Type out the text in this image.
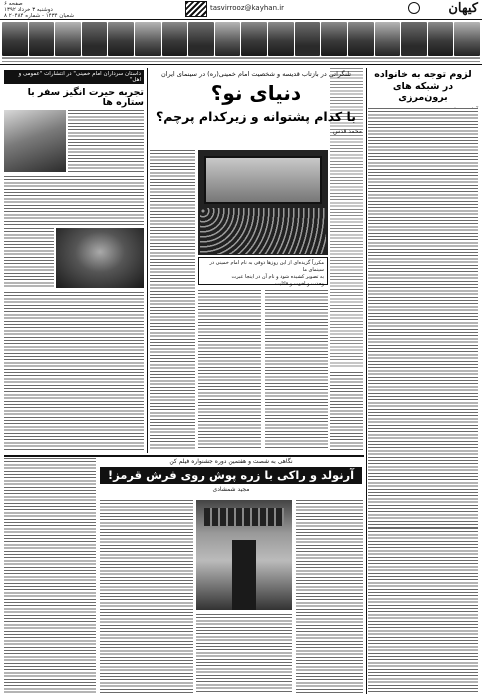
کیهان
tasvirrooz@kayhan.ir
صفحه ۶
دوشنبه ۳ خرداد ۱۳۹۲
۸ شعبان ۱۴۳۴ - شماره ۲۰۴۸۴
لزوم توجه به خانواده
در شبکه های برون‌مرزی
تلنگراتی در بازتاب قدیسه و شخصیت امام خمینی(ره) در سینمای ایران
دنیای نو؟
با کدام پشتوانه و زیرکدام پرچم؟
محمد قدس
مکرراً گزیده‌ای از این روزها ذوقی به نام امام خمینی در سینمای ما
به تصویر کشیده شود و نام آن در اینجا عبرت
وحدت و اخوت و قائلیت...
داستان سرداران امام خمینی" در انتشارات "عمومی و اهل"
تجربه حیرت انگیز سفر با ستاره ها
نگاهی به شصت و هفتمین دوره جشنواره فیلم کن
آرنولد و راکی با زره پوش روی فرش قرمز!
مجید شمشادی
